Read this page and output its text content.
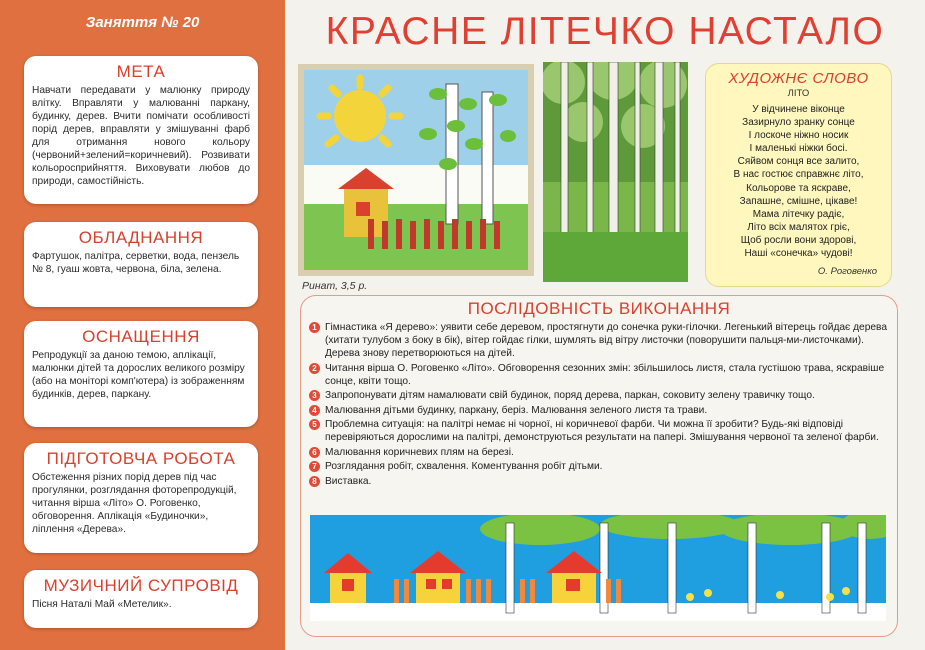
Заняття № 20
МЕТА

Навчати передавати у малюнку природу влітку. Вправляти у малюванні паркану, будинку, дерев. Вчити помічати особливості порід дерев, вправляти у змішуванні фарб для отримання нового кольору (червоний+зелений=коричневий). Розвивати кольоросприйняття. Виховувати любов до природи, самостійність.

ОБЛАДНАННЯ

Фартушок, палітра, серветки, вода, пензель № 8, гуаш жовта, червона, біла, зелена.

ОСНАЩЕННЯ

Репродукції за даною темою, аплікації, малюнки дітей та дорослих великого розміру (або на моніторі комп'ютера) із зображенням будинків, дерев, паркану.

ПІДГОТОВЧА РОБОТА

Обстеження різних порід дерев під час прогулянки, розглядання фоторепродукцій, читання вірша «Літо» О. Роговенко, обговорення. Аплікація «Будиночки», ліплення «Дерева».

МУЗИЧНИЙ СУПРОВІД

Пісня Наталі Май «Метелик».

КРАСНЕ ЛІТЕЧКО НАСТАЛО
Ринат, 3,5 р.
ХУДОЖНЄ СЛОВО
ЛІТО
У відчинене віконце
Зазирнуло зранку сонце
І лоскоче ніжно носик
І маленькі ніжки босі.
Сяйвом сонця все залито,
В нас гостює справжнє літо,
Кольорове та яскраве,
Запашне, смішне, цікаве!
Мама літечку радіє,
Літо всіх малятох гріє,
Щоб росли вони здорові,
Наші «сонечка» чудові!
О. Роговенко
ПОСЛІДОВНІСТЬ ВИКОНАННЯ
1 Гімнастика «Я дерево»: уявити себе деревом, простягнути до сонечка руки-гілочки. Легенький вітерець гойдає дерева (хитати тулубом з боку в бік), вітер гойдає гілки, шумлять від вітру листочки (поворушити пальця-ми-листочками). Дерева знову перетворюються на дітей.
2 Читання вірша О. Роговенко «Літо». Обговорення сезонних змін: збільшилось листя, стала густішою трава, яскравіше сонце, квіти тощо.
3 Запропонувати дітям намалювати свій будинок, поряд дерева, паркан, соковиту зелену травичку тощо.
4 Малювання дітьми будинку, паркану, беріз. Малювання зеленого листя та трави.
5 Проблемна ситуація: на палітрі немає ні чорної, ні коричневої фарби. Чи можна її зробити? Будь-які відповіді перевіряються дорослими на палітрі, демонструються результати на папері. Змішування червоної та зеленої фарби.
6 Малювання коричневих плям на березі.
7 Розглядання робіт, схвалення. Коментування робіт дітьми.
8 Виставка.
